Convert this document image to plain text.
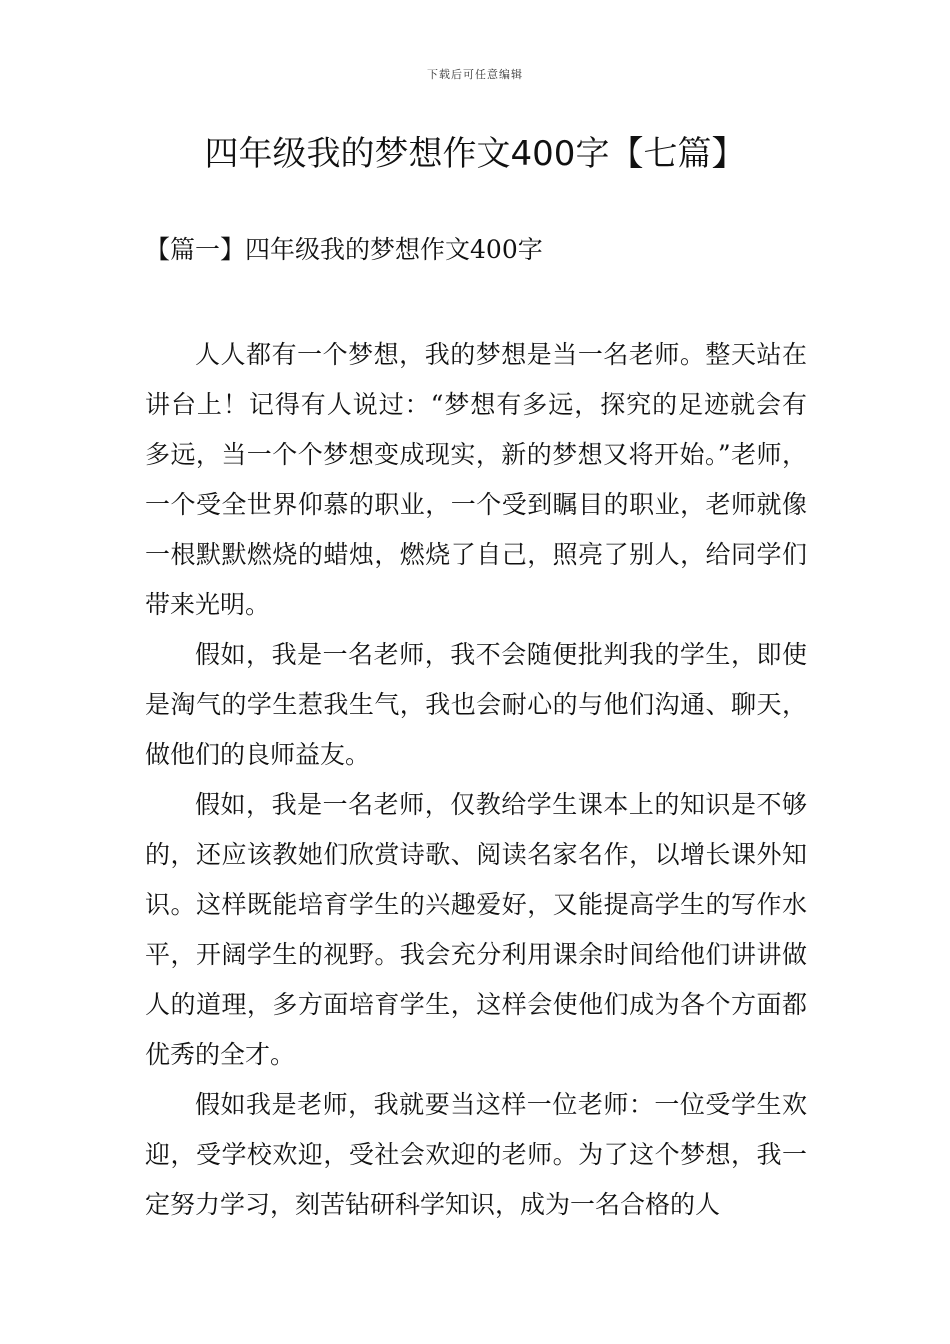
下载后可任意编辑
四年级我的梦想作文400字【七篇】
【篇一】四年级我的梦想作文400字

人人都有一个梦想，我的梦想是当一名老师。整天站在讲台上！记得有人说过：“梦想有多远，探究的足迹就会有多远，当一个个梦想变成现实，新的梦想又将开始。”老师，一个受全世界仰慕的职业，一个受到瞩目的职业，老师就像一根默默燃烧的蜡烛，燃烧了自己，照亮了别人，给同学们带来光明。

假如，我是一名老师，我不会随便批判我的学生，即使是淘气的学生惹我生气，我也会耐心的与他们沟通、聊天，做他们的良师益友。

假如，我是一名老师，仅教给学生课本上的知识是不够的，还应该教她们欣赏诗歌、阅读名家名作，以增长课外知识。这样既能培育学生的兴趣爱好，又能提高学生的写作水平，开阔学生的视野。我会充分利用课余时间给他们讲讲做人的道理，多方面培育学生，这样会使他们成为各个方面都优秀的全才。

假如我是老师，我就要当这样一位老师：一位受学生欢迎，受学校欢迎，受社会欢迎的老师。为了这个梦想，我一定努力学习，刻苦钻研科学知识，成为一名合格的人
